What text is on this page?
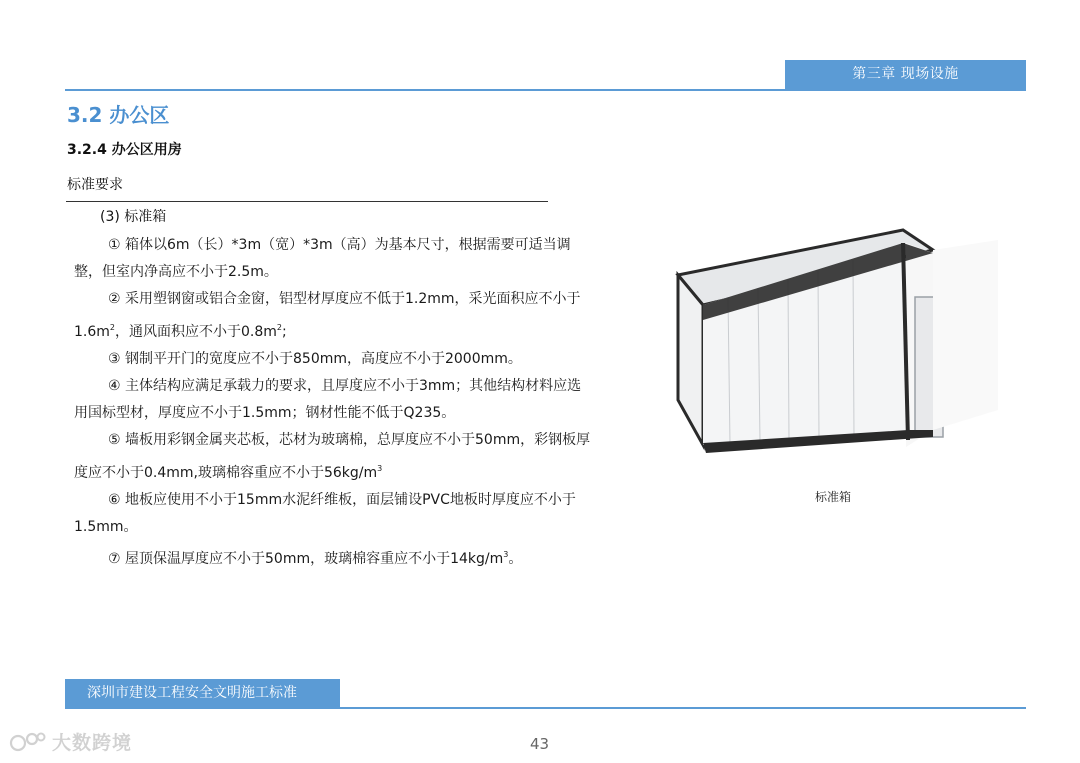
第三章 现场设施
3.2 办公区
3.2.4 办公区用房
标准要求
(3) 标准箱

① 箱体以6m（长）*3m（宽）*3m（高）为基本尺寸，根据需要可适当调整，但室内净高应不小于2.5m。

② 采用塑钢窗或铝合金窗，铝型材厚度应不低于1.2mm，采光面积应不小于$1.6m^2$，通风面积应不小于$0.8m^2$;

③ 钢制平开门的宽度应不小于850mm，高度应不小于2000mm。

④ 主体结构应满足承载力的要求，且厚度应不小于3mm；其他结构材料应选用国标型材，厚度应不小于1.5mm；钢材性能不低于Q235。

⑤ 墙板用彩钢金属夹芯板，芯材为玻璃棉，总厚度应不小于50mm，彩钢板厚度应不小于0.4mm,玻璃棉容重应不小于$56kg/m^3$

⑥ 地板应使用不小于15mm水泥纤维板，面层铺设PVC地板时厚度应不小于1.5mm。

⑦ 屋顶保温厚度应不小于50mm，玻璃棉容重应不小于$14kg/m^3$。

标准箱
深圳市建设工程安全文明施工标准
43
大数跨境
